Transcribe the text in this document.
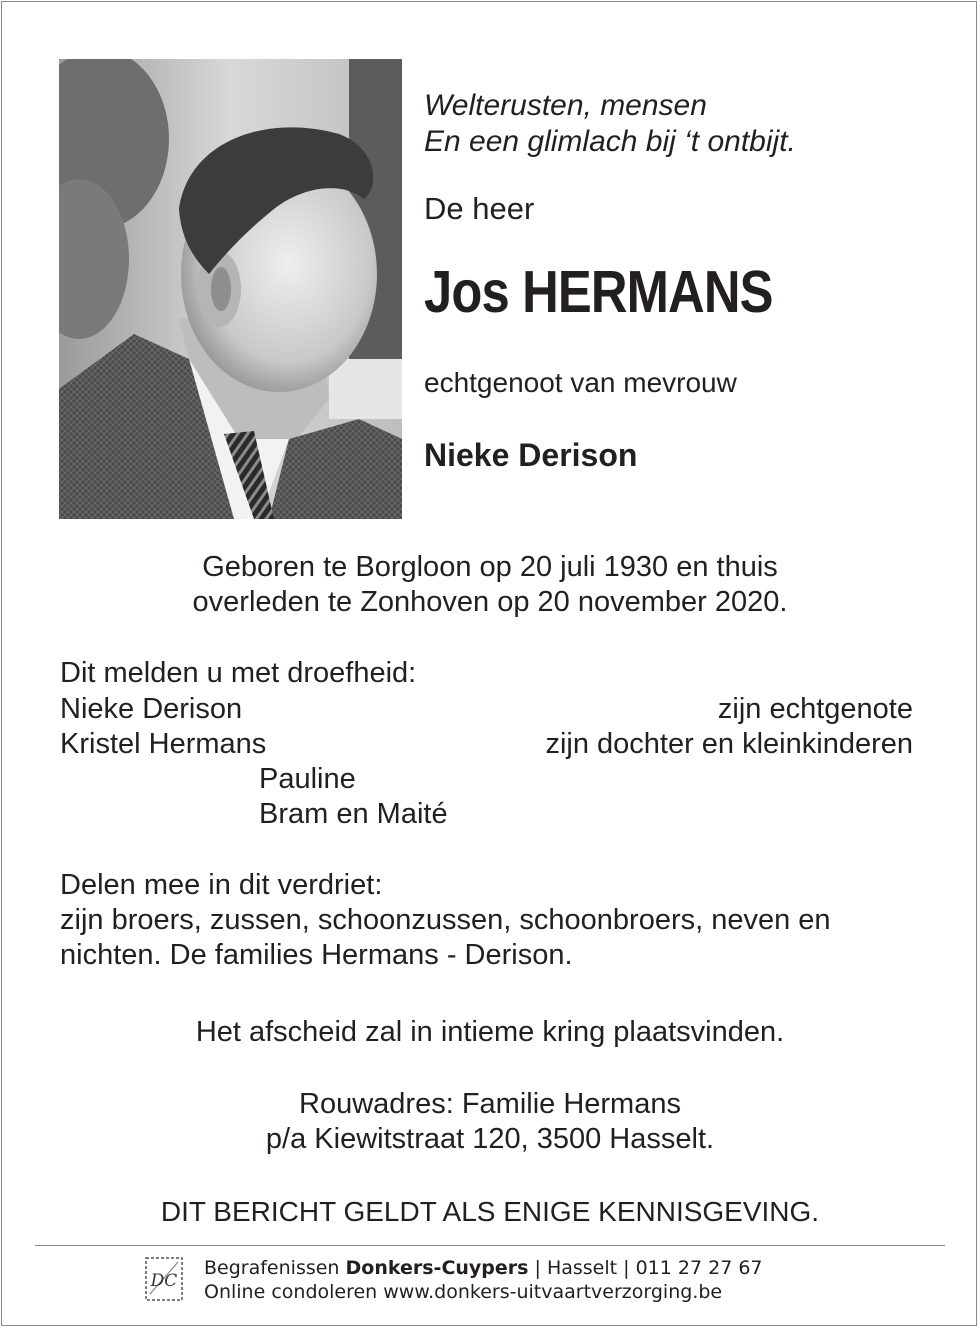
Welterusten, mensen
En een glimlach bij ‘t ontbijt.
De heer
Jos HERMANS
echtgenoot van mevrouw
Nieke Derison
Geboren te Borgloon op 20 juli 1930 en thuis
overleden te Zonhoven op 20 november 2020.
Dit melden u met droefheid:
Nieke Derison	zijn echtgenote
Kristel Hermans	zijn dochter en kleinkinderen
Pauline
Bram en Maité
Delen mee in dit verdriet:
zijn broers, zussen, schoonzussen, schoonbroers, neven en
nichten. De families Hermans - Derison.
Het afscheid zal in intieme kring plaatsvinden.
Rouwadres: Familie Hermans
p/a Kiewitstraat 120, 3500 Hasselt.
DIT BERICHT GELDT ALS ENIGE KENNISGEVING.
DC
Begrafenissen Donkers-Cuypers | Hasselt | 011 27 27 67
Online condoleren www.donkers-uitvaartverzorging.be
